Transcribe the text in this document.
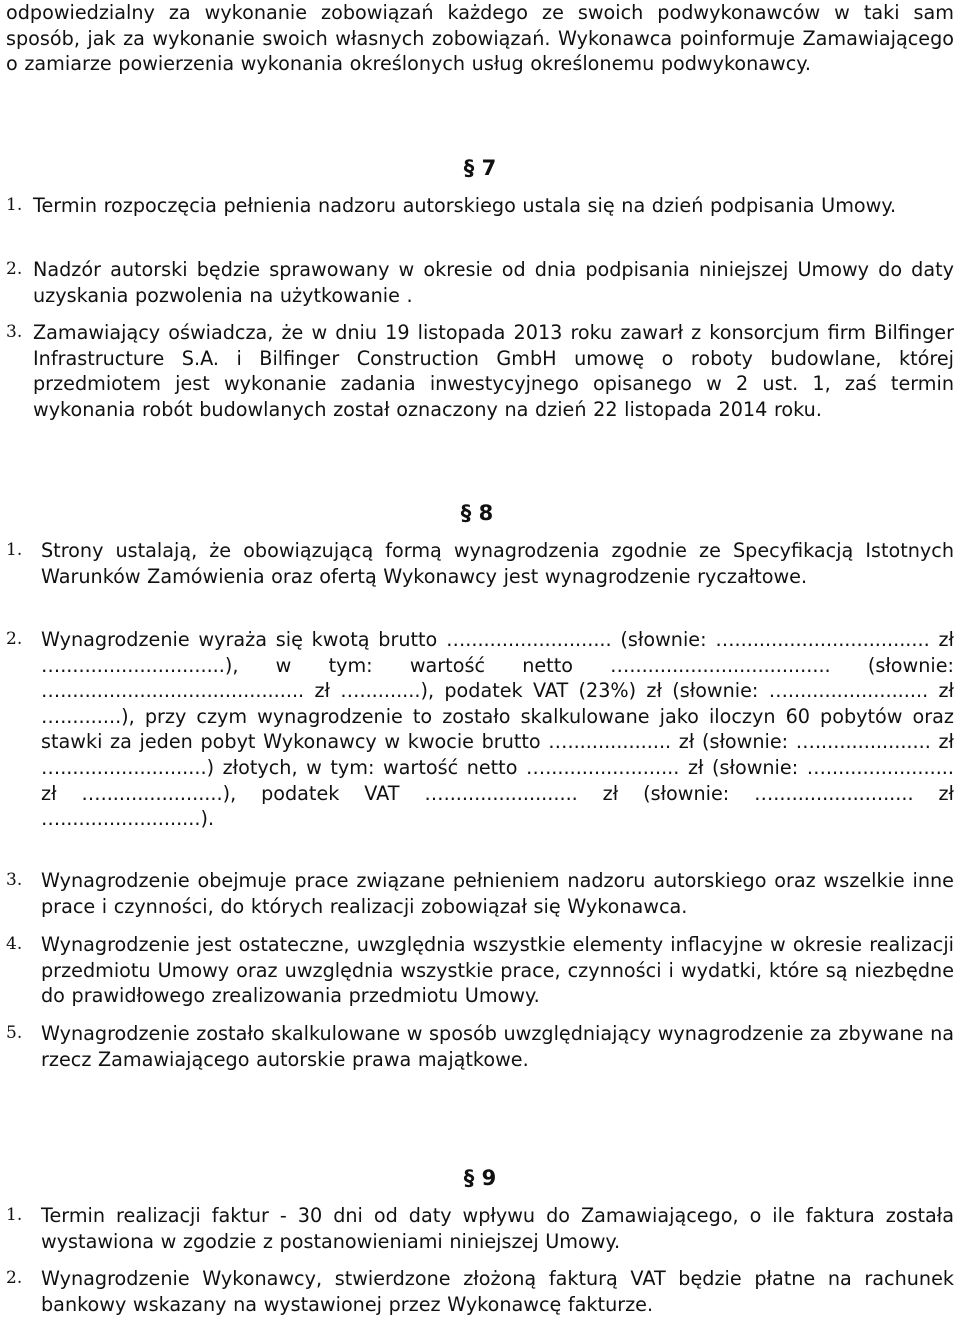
odpowiedzialny za wykonanie zobowiązań każdego ze swoich podwykonawców w taki sam sposób, jak za wykonanie swoich własnych zobowiązań. Wykonawca poinformuje Zamawiającego o zamiarze powierzenia wykonania określonych usług określonemu podwykonawcy.
§ 7
1. Termin rozpoczęcia pełnienia nadzoru autorskiego ustala się na dzień podpisania Umowy.
2. Nadzór autorski będzie sprawowany w okresie od dnia podpisania niniejszej Umowy do daty uzyskania pozwolenia na użytkowanie .
3. Zamawiający oświadcza, że w dniu 19 listopada 2013 roku zawarł z konsorcjum firm Bilfinger Infrastructure S.A. i Bilfinger Construction GmbH umowę o roboty budowlane, której przedmiotem jest wykonanie zadania inwestycyjnego opisanego w 2 ust. 1, zaś termin wykonania robót budowlanych został oznaczony na dzień 22 listopada 2014 roku.
§ 8
1. Strony ustalają, że obowiązującą formą wynagrodzenia zgodnie ze Specyfikacją Istotnych Warunków Zamówienia oraz ofertą Wykonawcy jest wynagrodzenie ryczałtowe.
2. Wynagrodzenie wyraża się kwotą brutto …........................ (słownie: …................................ zł …...........................), w tym: wartość netto …................................. (słownie: …........................................ zł …..........), podatek VAT (23%) zł (słownie: …....................... zł …..........), przy czym wynagrodzenie to zostało skalkulowane jako iloczyn 60 pobytów oraz stawki za jeden pobyt Wykonawcy w kwocie brutto …................. zł (słownie: …................... zł …........................) złotych, w tym: wartość netto …...................... zł (słownie: …..................... zł …....................), podatek VAT …...................... zł (słownie: …....................... zł ….......................).
3. Wynagrodzenie obejmuje prace związane pełnieniem nadzoru autorskiego oraz wszelkie inne prace i czynności, do których realizacji zobowiązał się Wykonawca.
4. Wynagrodzenie jest ostateczne, uwzględnia wszystkie elementy inflacyjne w okresie realizacji przedmiotu Umowy oraz uwzględnia wszystkie prace, czynności i wydatki, które są niezbędne do prawidłowego zrealizowania przedmiotu Umowy.
5. Wynagrodzenie zostało skalkulowane w sposób uwzględniający wynagrodzenie za zbywane na rzecz Zamawiającego autorskie prawa majątkowe.
§ 9
1. Termin realizacji faktur - 30 dni od daty wpływu do Zamawiającego, o ile faktura została wystawiona w zgodzie z postanowieniami niniejszej Umowy.
2. Wynagrodzenie Wykonawcy, stwierdzone złożoną fakturą VAT będzie płatne na rachunek bankowy wskazany na wystawionej przez Wykonawcę fakturze.
